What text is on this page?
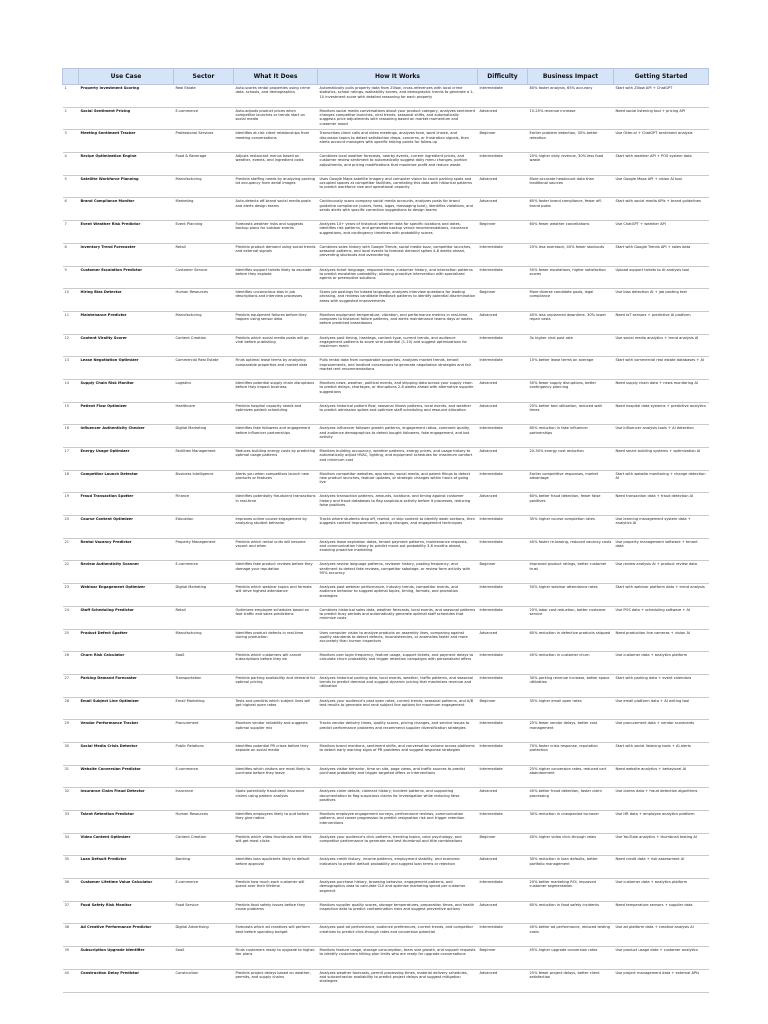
	Use Case	Sector	What It Does	How It Works	Difficulty	Business Impact	Getting Started
1	Property Investment Scoring	Real Estate	Auto-scores rental properties using crime data, schools, and demographics	Automatically pulls property data from Zillow, cross-references with local crime statistics, school ratings, walkability scores, and demographic trends to generate a 1-10 investment score with detailed reasoning for each property	Intermediate	80% faster analysis, 65% accuracy	Start with Zillow API + ChatGPT
2	Social Sentiment Pricing	E-commerce	Auto-adjusts product prices when competitor launches or trends start on social media	Monitors social media conversations about your product category, analyzes sentiment changes competitor launches, viral trends, seasonal shifts, and automatically suggests price adjustments with reasoning based on market momentum and customer mood	Advanced	15-25% revenue increase	Need social listening tool + pricing API
3	Meeting Sentiment Tracker	Professional Services	Identifies at-risk client relationships from meeting conversations	Transcribes client calls and video meetings, analyzes tone, word choice, and discussion topics to detect satisfaction drops, concerns, or frustration signals, then alerts account managers with specific talking points for follow-up	Beginner	Earlier problem detection, 30% better retention	Use Otter.ai + ChatGPT sentiment analysis
4	Recipe Optimization Engine	Food & Beverage	Adjusts restaurant menus based on weather, events, and ingredient costs	Combines local weather forecasts, nearby events, current ingredient prices, and customer review sentiment to automatically suggest daily menu changes, portion adjustments, and pricing modifications that maximize profit and reduce waste	Intermediate	20% higher daily revenue, 30% less food waste	Start with weather API + POS system data
5	Satellite Workforce Planning	Manufacturing	Predicts staffing needs by analyzing parking lot occupancy from aerial images	Uses Google Maps satellite imagery and computer vision to count parking spots and occupied spaces at competitor facilities, correlating this data with historical patterns to predict workforce size and operational capacity	Advanced	More accurate headcount data than traditional sources	Use Google Maps API + vision AI tool
6	Brand Compliance Monitor	Marketing	Auto-detects off-brand social media posts and alerts design teams	Continuously scans company social media accounts, analyzes posts for brand guideline compliance (colors, fonts, logos, messaging tone), identifies violations, and sends alerts with specific correction suggestions to design teams	Advanced	60% faster brand compliance, fewer off-brand posts	Start with social media APIs + brand guidelines
7	Event Weather Risk Predictor	Event Planning	Forecasts weather risks and suggests backup plans for outdoor events	Analyzes 10+ years of historical weather data for specific locations and dates, identifies risk patterns, and generates backup venue recommendations, insurance suggestions, and contingency timelines with probability scores	Beginner	60% fewer weather cancellations	Use ChatGPT + weather API
8	Inventory Trend Forecaster	Retail	Predicts product demand using social trends and external signals	Combines sales history with Google Trends, social media buzz, competitor launches, seasonal patterns, and local events to forecast demand spikes 4-8 weeks ahead, preventing stockouts and overordering	Intermediate	25% less overstock, 40% fewer stockouts	Start with Google Trends API + sales data
9	Customer Escalation Predictor	Customer Service	Identifies support tickets likely to escalate before they explode	Analyzes ticket language, response times, customer history, and interaction patterns to predict escalation probability, allowing proactive intervention with specialized agents or preemptive solutions	Intermediate	50% fewer escalations, higher satisfaction scores	Upload support tickets to AI analysis tool
10	Hiring Bias Detector	Human Resources	Identifies unconscious bias in job descriptions and interview processes	Scans job postings for biased language, analyzes interview questions for leading phrasing, and reviews candidate feedback patterns to identify potential discrimination areas with suggested improvements	Beginner	More diverse candidate pools, legal compliance	Use bias detection AI + job posting text
11	Maintenance Predictor	Manufacturing	Predicts equipment failures before they happen using sensor data	Monitors equipment temperature, vibration, and performance metrics in real-time, compares to historical failure patterns, and alerts maintenance teams days or weeks before predicted breakdowns	Advanced	40% less unplanned downtime, 30% lower repair costs	Need IoT sensors + predictive AI platform
12	Content Virality Scorer	Content Creation	Predicts which social media posts will go viral before publishing	Analyzes post timing, hashtags, content type, current trends, and audience engagement patterns to score viral potential (1-10) and suggest optimizations for maximum reach	Intermediate	3x higher viral post rate	Use social media analytics + trend analysis AI
13	Lease Negotiation Optimizer	Commercial Real Estate	Finds optimal lease terms by analyzing comparable properties and market data	Pulls rental data from comparable properties, analyzes market trends, tenant improvements, and landlord concessions to generate negotiation strategies and fair market rent recommendations	Intermediate	15% better lease terms on average	Start with commercial real estate databases + AI
14	Supply Chain Risk Monitor	Logistics	Identifies potential supply chain disruptions before they impact business	Monitors news, weather, political events, and shipping data across your supply chain to predict delays, shortages, or disruptions 2-6 weeks ahead with alternative supplier suggestions	Advanced	50% fewer supply disruptions, better contingency planning	Need supply chain data + news monitoring AI
15	Patient Flow Optimizer	Healthcare	Predicts hospital capacity needs and optimizes patient scheduling	Analyzes historical patient flow, seasonal illness patterns, local events, and weather to predict admission spikes and optimize staff scheduling and resource allocation	Advanced	20% better bed utilization, reduced wait times	Need hospital data systems + predictive analytics
16	Influencer Authenticity Checker	Digital Marketing	Identifies fake followers and engagement before influencer partnerships	Analyzes influencer follower growth patterns, engagement ratios, comment quality, and audience demographics to detect bought followers, fake engagement, and bot activity	Intermediate	80% reduction in fake influencer partnerships	Use influencer analysis tools + AI detection
17	Energy Usage Optimizer	Facilities Management	Reduces building energy costs by predicting optimal usage patterns	Monitors building occupancy, weather patterns, energy prices, and usage history to automatically adjust HVAC, lighting, and equipment schedules for maximum comfort and minimum cost	Advanced	20-30% energy cost reduction	Need smart building systems + optimization AI
18	Competitor Launch Detector	Business Intelligence	Alerts you when competitors launch new products or features	Monitors competitor websites, app stores, social media, and patent filings to detect new product launches, feature updates, or strategic changes within hours of going live	Intermediate	Earlier competitive responses, market advantage	Start with website monitoring + change detection AI
19	Fraud Transaction Spotter	Finance	Identifies potentially fraudulent transactions in real-time	Analyzes transaction patterns, amounts, locations, and timing against customer history and fraud databases to flag suspicious activity before it processes, reducing false positives	Advanced	60% better fraud detection, fewer false positives	Need transaction data + fraud detection AI
20	Course Content Optimizer	Education	Improves online course engagement by analyzing student behavior	Tracks where students drop off, rewind, or skip content to identify weak sections, then suggests content improvements, pacing changes, and engagement techniques	Intermediate	35% higher course completion rates	Use learning management system data + analytics AI
21	Rental Vacancy Predictor	Property Management	Predicts which rental units will become vacant and when	Analyzes lease expiration dates, tenant payment patterns, maintenance requests, and communication history to predict move-out probability 3-6 months ahead, enabling proactive marketing	Intermediate	40% faster re-leasing, reduced vacancy costs	Use property management software + tenant data
22	Review Authenticity Scanner	E-commerce	Identifies fake product reviews before they damage your reputation	Analyzes review language patterns, reviewer history, posting frequency, and sentiment to detect fake reviews, competitor sabotage, or review farm activity with 95% accuracy	Beginner	Improved product ratings, better customer trust	Use review analysis AI + product review data
23	Webinar Engagement Optimizer	Digital Marketing	Predicts which webinar topics and formats will drive highest attendance	Analyzes past webinar performance, industry trends, competitor events, and audience behavior to suggest optimal topics, timing, formats, and promotion strategies	Intermediate	50% higher webinar attendance rates	Start with webinar platform data + trend analysis
24	Staff Scheduling Predictor	Retail	Optimizes employee schedules based on foot traffic and sales predictions	Combines historical sales data, weather forecasts, local events, and seasonal patterns to predict busy periods and automatically generate optimal staff schedules that minimize costs	Intermediate	20% labor cost reduction, better customer service	Use POS data + scheduling software + AI
25	Product Defect Spotter	Manufacturing	Identifies product defects in real-time during production	Uses computer vision to analyze products on assembly lines, comparing against quality standards to detect defects, inconsistencies, or anomalies faster and more accurately than human inspectors	Advanced	60% reduction in defective products shipped	Need production line cameras + vision AI
26	Churn Risk Calculator	SaaS	Predicts which customers will cancel subscriptions before they do	Monitors user login frequency, feature usage, support tickets, and payment delays to calculate churn probability and trigger retention campaigns with personalized offers	Intermediate	40% reduction in customer churn	Use customer data + analytics platform
27	Parking Demand Forecaster	Transportation	Predicts parking availability and demand for optimal pricing	Analyzes historical parking data, local events, weather, traffic patterns, and seasonal trends to predict demand and suggest dynamic pricing that maximizes revenue and utilization	Intermediate	30% parking revenue increase, better space utilization	Start with parking data + event calendars
28	Email Subject Line Optimizer	Email Marketing	Tests and predicts which subject lines will get highest open rates	Analyzes your audience's past open rates, current trends, seasonal patterns, and A/B test results to generate and rank subject line options for maximum engagement	Beginner	35% higher email open rates	Use email platform data + AI writing tool
29	Vendor Performance Tracker	Procurement	Monitors vendor reliability and suggests optimal supplier mix	Tracks vendor delivery times, quality scores, pricing changes, and service issues to predict performance problems and recommend supplier diversification strategies	Intermediate	25% fewer vendor delays, better cost management	Use procurement data + vendor scorecards
30	Social Media Crisis Detector	Public Relations	Identifies potential PR crises before they explode on social media	Monitors brand mentions, sentiment shifts, and conversation volume across platforms to detect early warning signs of PR problems and suggest response strategies	Intermediate	70% faster crisis response, reputation protection	Start with social listening tools + AI alerts
31	Website Conversion Predictor	E-commerce	Identifies which visitors are most likely to purchase before they leave	Analyzes visitor behavior, time on site, page views, and traffic sources to predict purchase probability and trigger targeted offers or interventions	Intermediate	25% higher conversion rates, reduced cart abandonment	Need website analytics + behavioral AI
32	Insurance Claim Fraud Detector	Insurance	Spots potentially fraudulent insurance claims using pattern analysis	Analyzes claim details, claimant history, incident patterns, and supporting documentation to flag suspicious claims for investigation while reducing false positives	Advanced	40% better fraud detection, faster claim processing	Use claims data + fraud detection algorithms
33	Talent Retention Predictor	Human Resources	Identifies employees likely to quit before they give notice	Monitors employee engagement surveys, performance reviews, communication patterns, and career progression to predict resignation risk and trigger retention interventions	Intermediate	30% reduction in unexpected turnover	Use HR data + employee analytics platform
34	Video Content Optimizer	Content Creation	Predicts which video thumbnails and titles will get most clicks	Analyzes your audience's click patterns, trending topics, color psychology, and competitor performance to generate and test thumbnail and title combinations	Beginner	40% higher video click-through rates	Use YouTube analytics + thumbnail testing AI
35	Loan Default Predictor	Banking	Identifies loan applicants likely to default before approval	Analyzes credit history, income patterns, employment stability, and economic indicators to predict default probability and suggest loan terms or rejection	Advanced	30% reduction in loan defaults, better portfolio management	Need credit data + risk assessment AI
36	Customer Lifetime Value Calculator	E-commerce	Predicts how much each customer will spend over their lifetime	Analyzes purchase history, browsing behavior, engagement patterns, and demographics data to calculate CLV and optimize marketing spend per customer segment	Intermediate	20% better marketing ROI, improved customer segmentation	Use customer data + analytics platform
37	Food Safety Risk Monitor	Food Service	Predicts food safety issues before they cause problems	Monitors supplier quality scores, storage temperatures, preparation times, and health inspection data to predict contamination risks and suggest preventive actions	Advanced	60% reduction in food safety incidents	Need temperature sensors + supplier data
38	Ad Creative Performance Predictor	Digital Advertising	Forecasts which ad creatives will perform best before spending budget	Analyzes past ad performance, audience preferences, current trends, and competitor creatives to predict click-through rates and conversion potential	Intermediate	40% better ad performance, reduced testing costs	Use ad platform data + creative analysis AI
39	Subscription Upgrade Identifier	SaaS	Finds customers ready to upgrade to higher-tier plans	Monitors feature usage, storage consumption, team size growth, and support requests to identify customers hitting plan limits who are ready for upgrade conversations	Beginner	45% higher upgrade conversion rates	Use product usage data + customer analytics
40	Construction Delay Predictor	Construction	Predicts project delays based on weather, permits, and supply chains	Analyzes weather forecasts, permit processing times, material delivery schedules, and subcontractor availability to predict project delays and suggest mitigation strategies	Advanced	25% fewer project delays, better client satisfaction	Use project management data + external APIs
